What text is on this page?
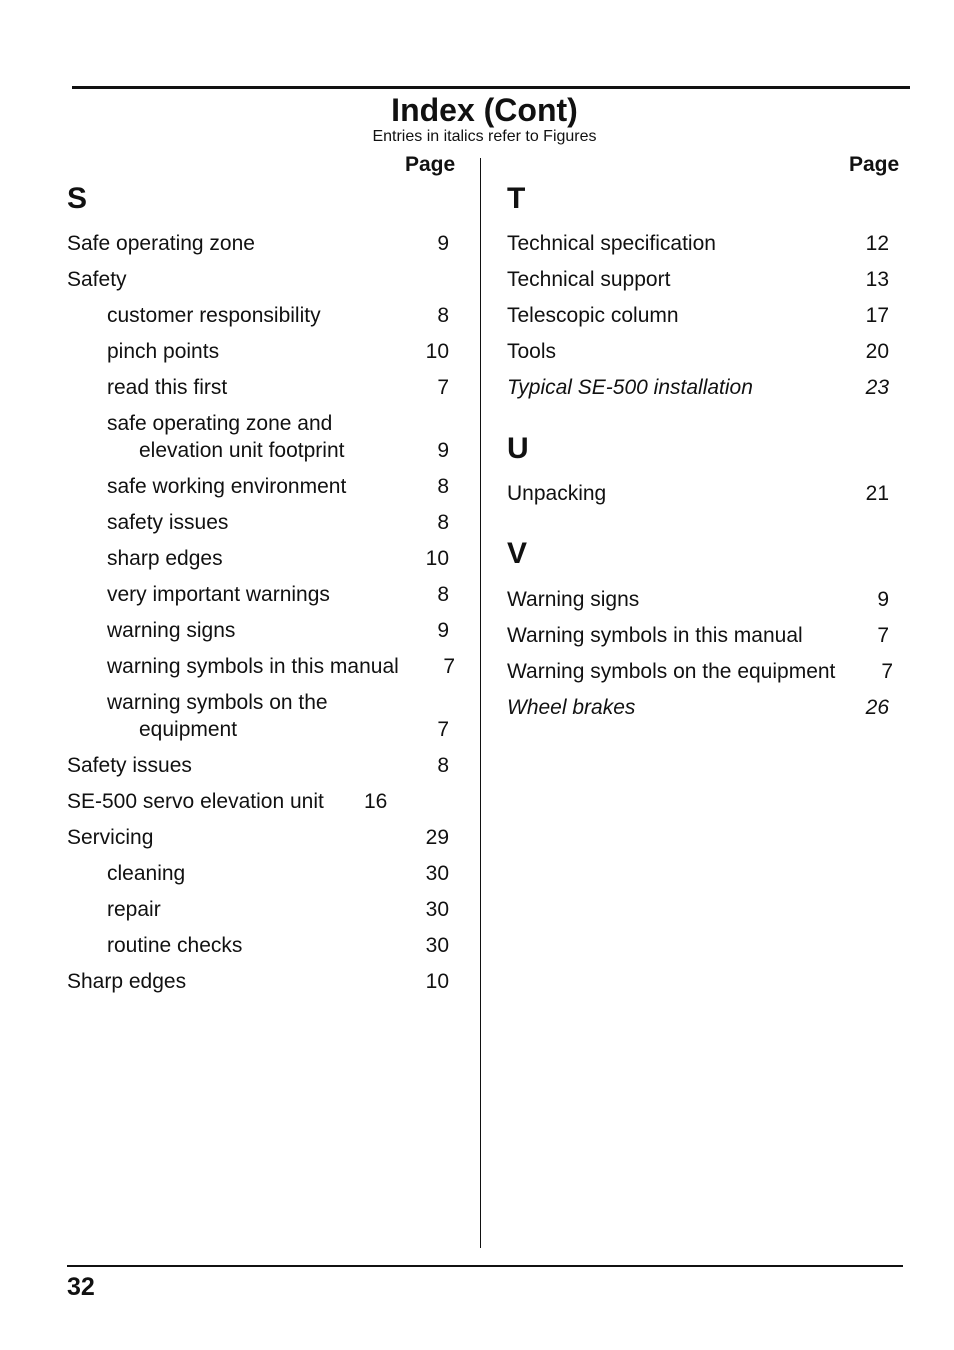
Index (Cont)
Entries in italics refer to Figures
Page	Page
S
Safe operating zone	9
Safety
customer responsibility	8
pinch points	10
read this first	7
safe operating zone and
elevation unit footprint	9
safe working environment	8
safety issues	8
sharp edges	10
very important warnings	8
warning signs	9
warning symbols in this manual 7
warning symbols on the
equipment	7
Safety issues	8
SE-500 servo elevation unit 16
Servicing	29
cleaning	30
repair	30
routine checks	30
Sharp edges	10
T
Technical specification	12
Technical support	13
Telescopic column	17
Tools	20
Typical SE-500 installation	23
U
Unpacking	21
V
Warning signs	9
Warning symbols in this manual	7
Warning symbols on the equipment 7
Wheel brakes	26
32
